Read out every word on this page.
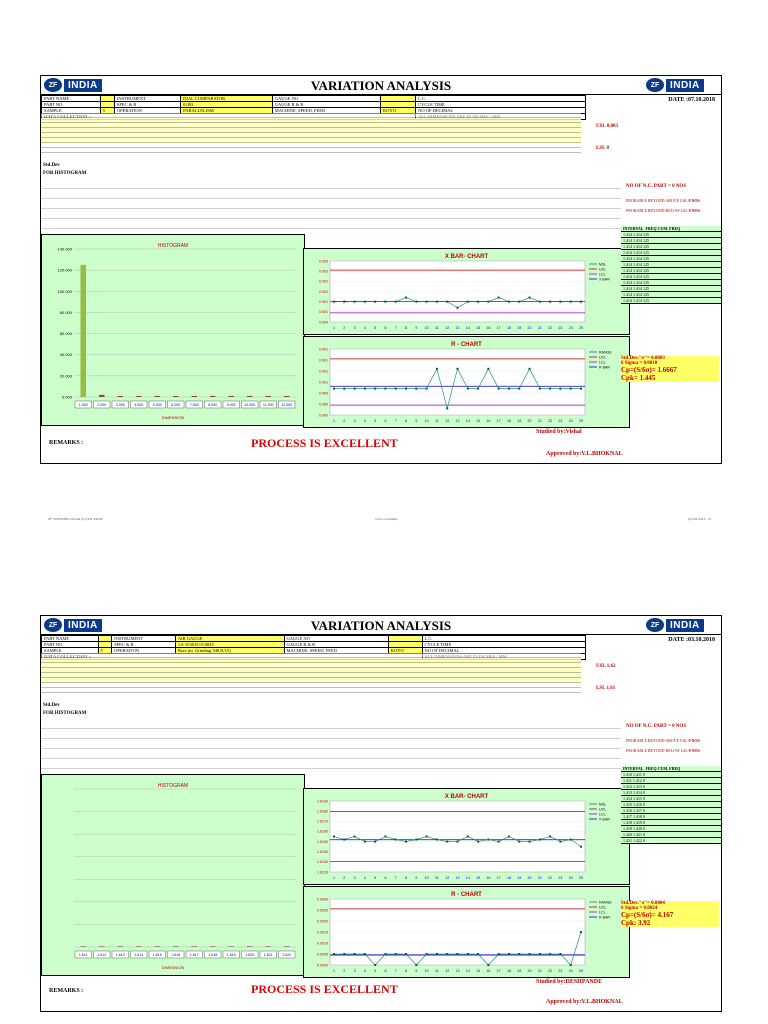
ZF	INDIA	VARIATION ANALYSIS	ZF	INDIA
DATE :07.10.2018
PART NAME		INSTRUMENT	DIAL COMPARATOR	GAUGE NO		L.C.
PART NO		SPEC & R	0.003	GAUGE R & R		CYCLE TIME
SAMPLE	5	OPERATION	PARALLELISM	MACHINE, SPEED, FEED	KOYO	NO OF DECIMAL

Std.Dev
FOR HISTOGRAM
USL 0.003
LSL 0
NO OF N.C. PART = 0 NOS
PROBABLE BEYOND ABOVE USL 0 NOS
PROBABLE BEYOND BELOW LSL 0 NOS
HISTOGRAM
140.000
120.000
100.000
80.000
60.000
40.000
20.000
0.000
1.000	2.000	3.000	4.000	5.000	6.000	7.000	8.000	9.000 10.000 11.000 12.000
DIMENSION
X BAR- CHART
0.003
0.003
0.002
0.002
0.001
0.001
0.000
1 2 3 4 5 6 7 8 9 10 11 12 13 14 15 16 17 18 19 20 21 22 23 24 25
MSL
UCL
LCL
X BAR
R - CHART
0.001
0.001
0.001
0.001
0.000
0.000
0.000
1 2 3 4 5 6 7 8 9 10 11 12 13 14 15 16 17 18 19 20 21 22 23 24 25
RANGE
UCL
LCL
R BAR
INTERVAL FREQ CUM. FREQ
1.414 1.414 125
1.414 1.414 125
1.414 1.414 125
1.414 1.414 125
1.414 1.414 125
1.414 1.414 125
1.414 1.414 125
1.414 1.414 125
1.414 1.414 125
1.414 1.414 125
1.414 1.414 125
1.414 1.414 125
Std.Dev."σ"= 0.0003
6 Sigma = 0.0018
Cp=(S/6σ)= 1.6667
Cpk= 1.445
REMARKS :	PROCESS IS EXCELLENT
Studied by:Vishal
Approved by:V.L.BHOKNAL
ZF STEERING GEAR (I) LTD, PUNE	www.vd-sample	Q.S.PLANT - II
ZF	INDIA	VARIATION ANALYSIS	ZF	INDIA
DATE :03.10.2018
PART NAME		INSTRUMENT	AIR GAUGE	GAUGE NO		L.C.
PART NO		SPEC & R	1.6 -0.0015/-0.0025	GAUGE R & R		CYCLE TIME
SAMPLE	5	OPERATION	Bore (m. Grinding 340.N/15)	MACHINE, SPEED, FEED	KOYO	NO OF DECIMAL

Std.Dev
FOR HISTOGRAM
USL 1.62
LSL 1.61
NO OF N.C. PART = 0 NOS
PROBABLE BEYOND ABOVE USL 0 NOS
PROBABLE BEYOND BELOW LSL 0 NOS
HISTOGRAM
1.611	1.612	1.613	1.614	1.615	1.616	1.617	1.618	1.619	1.620	1.621	1.622
DIMENSION
X BAR- CHART
1.6190
1.6180
1.6170
1.6160
1.6150
1.6140
1.6130
1.6120
1 2 3 4 5 6 7 8 9 10 11 12 13 14 15 16 17 18 19 20 21 22 23 24 25
MSL
UCL
LCL
X BAR
R - CHART
0.0030
0.0025
0.0020
0.0015
0.0010
0.0005
0.0000
1 2 3 4 5 6 7 8 9 10 11 12 13 14 15 16 17 18 19 20 21 22 23 24 25
RANGE
UCL
LCL
R BAR
INTERVAL FREQ CUM. FREQ
1.410 1.411 0
1.411 1.412 0
1.412 1.413 0
1.413 1.414 0
1.414 1.415 0
1.415 1.416 0
1.416 1.417 0
1.417 1.418 0
1.418 1.419 0
1.419 1.420 0
1.420 1.421 0
1.421 1.422 0
Std.Dev."σ"= 0.0004
6 Sigma = 0.0024
Cp=(S/6σ)= 4.167
Cpk: 3.92
REMARKS :	PROCESS IS EXCELLENT	Studied by:DESHPANDE
Approved by:V.L.BHOKNAL
